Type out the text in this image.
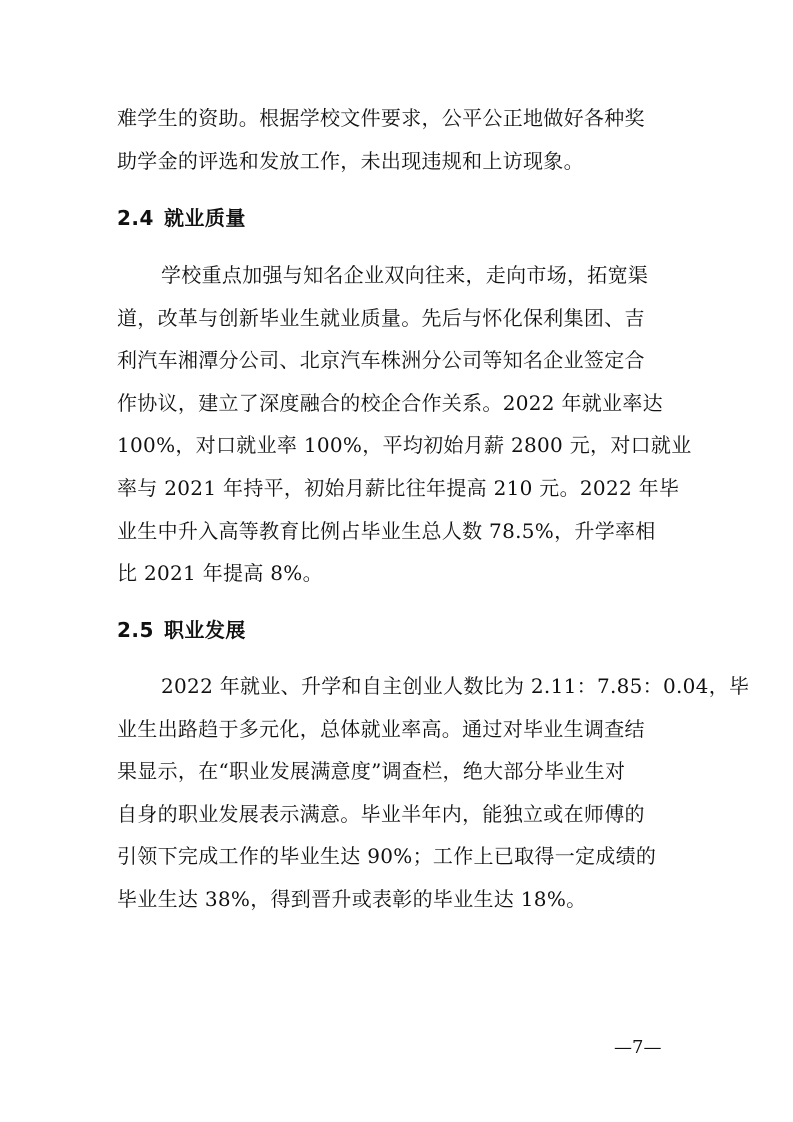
难学生的资助。根据学校文件要求，公平公正地做好各种奖
助学金的评选和发放工作，未出现违规和上访现象。
2.4 就业质量
学校重点加强与知名企业双向往来，走向市场，拓宽渠
道，改革与创新毕业生就业质量。先后与怀化保利集团、吉
利汽车湘潭分公司、北京汽车株洲分公司等知名企业签定合
作协议，建立了深度融合的校企合作关系。2022 年就业率达
100%，对口就业率 100%，平均初始月薪 2800 元，对口就业
率与 2021 年持平，初始月薪比往年提高 210 元。2022 年毕
业生中升入高等教育比例占毕业生总人数 78.5%，升学率相
比 2021 年提高 8%。
2.5 职业发展
2022 年就业、升学和自主创业人数比为 2.11：7.85：0.04，毕
业生出路趋于多元化，总体就业率高。通过对毕业生调查结
果显示，在“职业发展满意度”调查栏，绝大部分毕业生对
自身的职业发展表示满意。毕业半年内，能独立或在师傅的
引领下完成工作的毕业生达 90%；工作上已取得一定成绩的
毕业生达 38%，得到晋升或表彰的毕业生达 18%。
—7—
